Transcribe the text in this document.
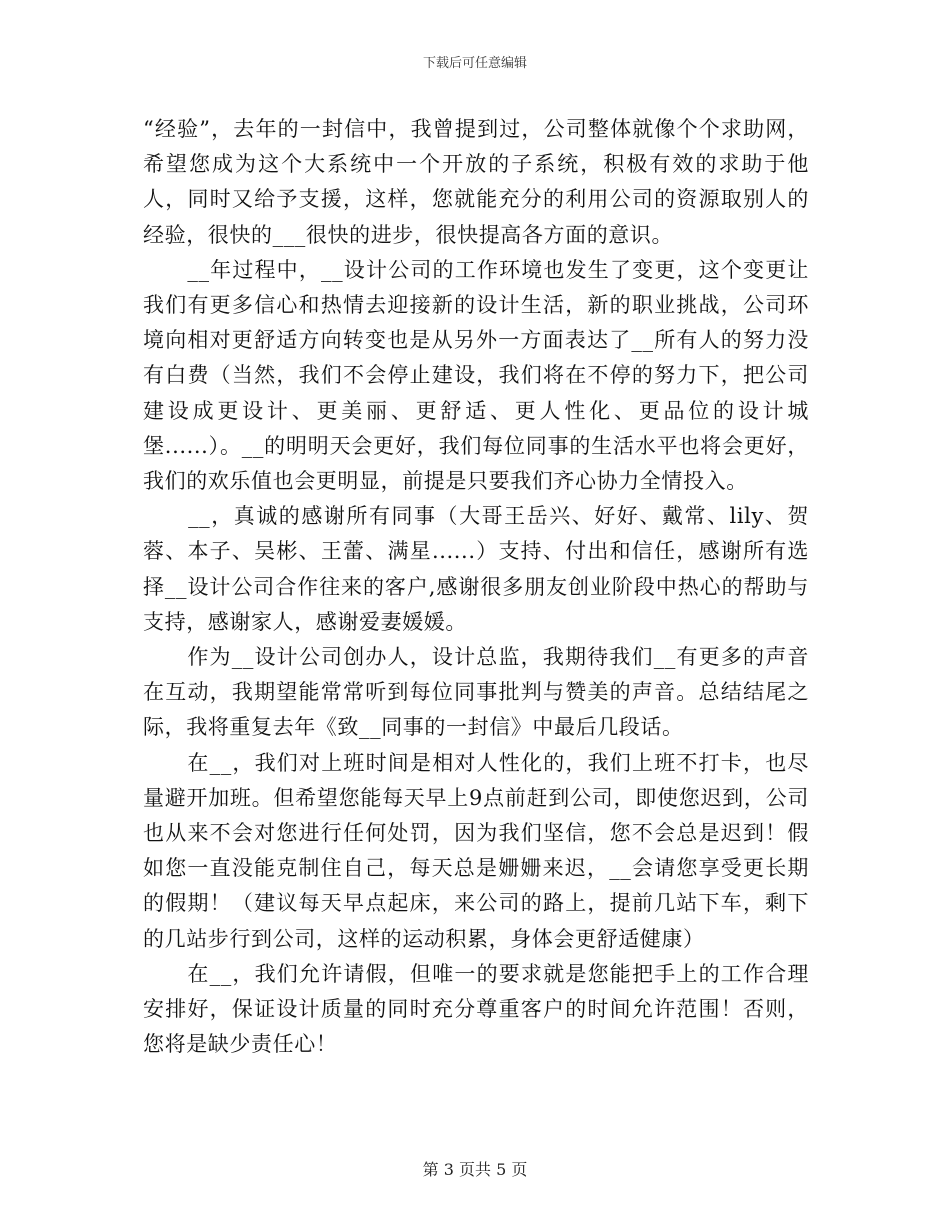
下载后可任意编辑

“经验”，去年的一封信中，我曾提到过，公司整体就像个个求助网，希望您成为这个大系统中一个开放的子系统，积极有效的求助于他人，同时又给予支援，这样，您就能充分的利用公司的资源取别人的经验，很快的___很快的进步，很快提高各方面的意识。

　　__年过程中，__设计公司的工作环境也发生了变更，这个变更让我们有更多信心和热情去迎接新的设计生活，新的职业挑战，公司环境向相对更舒适方向转变也是从另外一方面表达了__所有人的努力没有白费（当然，我们不会停止建设，我们将在不停的努力下，把公司建设成更设计、更美丽、更舒适、更人性化、更品位的设计城堡......）。__的明明天会更好，我们每位同事的生活水平也将会更好，我们的欢乐值也会更明显，前提是只要我们齐心协力全情投入。

　　__，真诚的感谢所有同事（大哥王岳兴、好好、戴常、lily、贺蓉、本子、吴彬、王蕾、满星......）支持、付出和信任，感谢所有选择__设计公司合作往来的客户,感谢很多朋友创业阶段中热心的帮助与支持，感谢家人，感谢爱妻媛媛。

　　作为__设计公司创办人，设计总监，我期待我们__有更多的声音在互动，我期望能常常听到每位同事批判与赞美的声音。总结结尾之际，我将重复去年《致__同事的一封信》中最后几段话。

　　在__，我们对上班时间是相对人性化的，我们上班不打卡，也尽量避开加班。但希望您能每天早上9点前赶到公司，即使您迟到，公司也从来不会对您进行任何处罚，因为我们坚信，您不会总是迟到！假如您一直没能克制住自己，每天总是姗姗来迟，__会请您享受更长期的假期！（建议每天早点起床，来公司的路上，提前几站下车，剩下的几站步行到公司，这样的运动积累，身体会更舒适健康）

　　在__，我们允许请假，但唯一的要求就是您能把手上的工作合理安排好，保证设计质量的同时充分尊重客户的时间允许范围！否则，您将是缺少责任心！

第 3 页共 5 页
